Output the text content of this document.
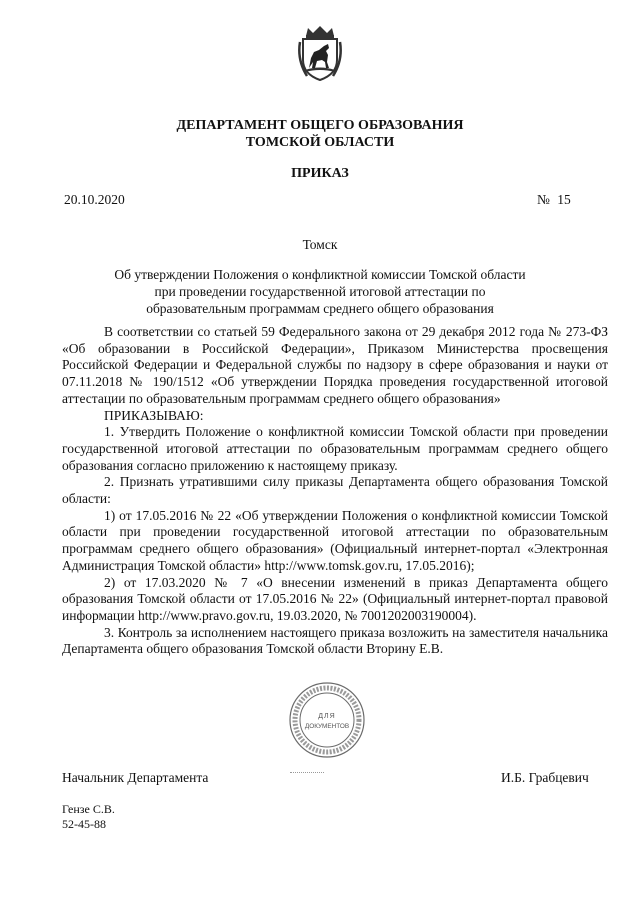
ДЕПАРТАМЕНТ ОБЩЕГО ОБРАЗОВАНИЯ
ТОМСКОЙ ОБЛАСТИ
ПРИКАЗ
20.10.2020	№ 15
Томск
Об утверждении Положения о конфликтной комиссии Томской области при проведении государственной итоговой аттестации по образовательным программам среднего общего образования

В соответствии со статьей 59 Федерального закона от 29 декабря 2012 года № 273-ФЗ «Об образовании в Российской Федерации», Приказом Министерства просвещения Российской Федерации и Федеральной службы по надзору в сфере образования и науки от 07.11.2018 № 190/1512 «Об утверждении Порядка проведения государственной итоговой аттестации по образовательным программам среднего общего образования»

ПРИКАЗЫВАЮ:

1. Утвердить Положение о конфликтной комиссии Томской области при проведении государственной итоговой аттестации по образовательным программам среднего общего образования согласно приложению к настоящему приказу.

2. Признать утратившими силу приказы Департамента общего образования Томской области:

1) от 17.05.2016 № 22 «Об утверждении Положения о конфликтной комиссии Томской области при проведении государственной итоговой аттестации по образовательным программам среднего общего образования» (Официальный интернет-портал «Электронная Администрация Томской области» http://www.tomsk.gov.ru, 17.05.2016);

2) от 17.03.2020 № 7 «О внесении изменений в приказ Департамента общего образования Томской области от 17.05.2016 № 22» (Официальный интернет-портал правовой информации http://www.pravo.gov.ru, 19.03.2020, № 7001202003190004).

3. Контроль за исполнением настоящего приказа возложить на заместителя начальника Департамента общего образования Томской области Вторину Е.В.

ДЛЯ
ДОКУМЕНТОВ
Начальник Департамента	И.Б. Грабцевич
Гензе С.В.
52-45-88
